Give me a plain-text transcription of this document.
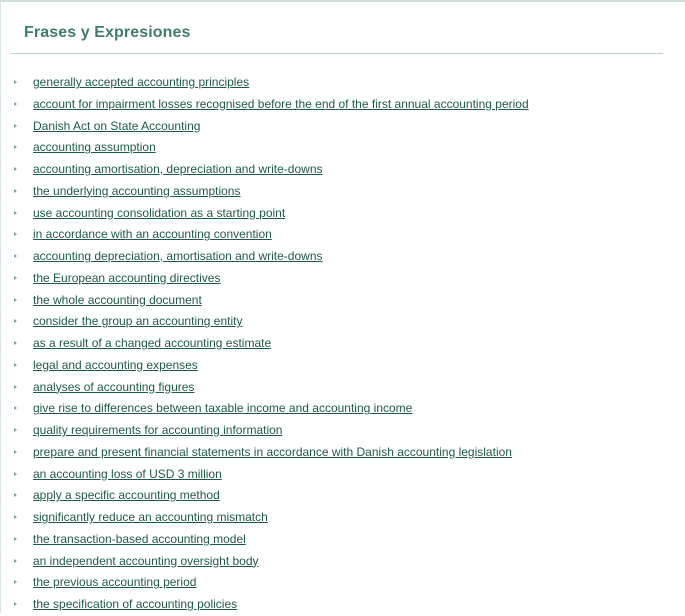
Frases y Expresiones
generally accepted accounting principles
account for impairment losses recognised before the end of the first annual accounting period
Danish Act on State Accounting
accounting assumption
accounting amortisation, depreciation and write-downs
the underlying accounting assumptions
use accounting consolidation as a starting point
in accordance with an accounting convention
accounting depreciation, amortisation and write-downs
the European accounting directives
the whole accounting document
consider the group an accounting entity
as a result of a changed accounting estimate
legal and accounting expenses
analyses of accounting figures
give rise to differences between taxable income and accounting income
quality requirements for accounting information
prepare and present financial statements in accordance with Danish accounting legislation
an accounting loss of USD 3 million
apply a specific accounting method
significantly reduce an accounting mismatch
the transaction-based accounting model
an independent accounting oversight body
the previous accounting period
the specification of accounting policies
